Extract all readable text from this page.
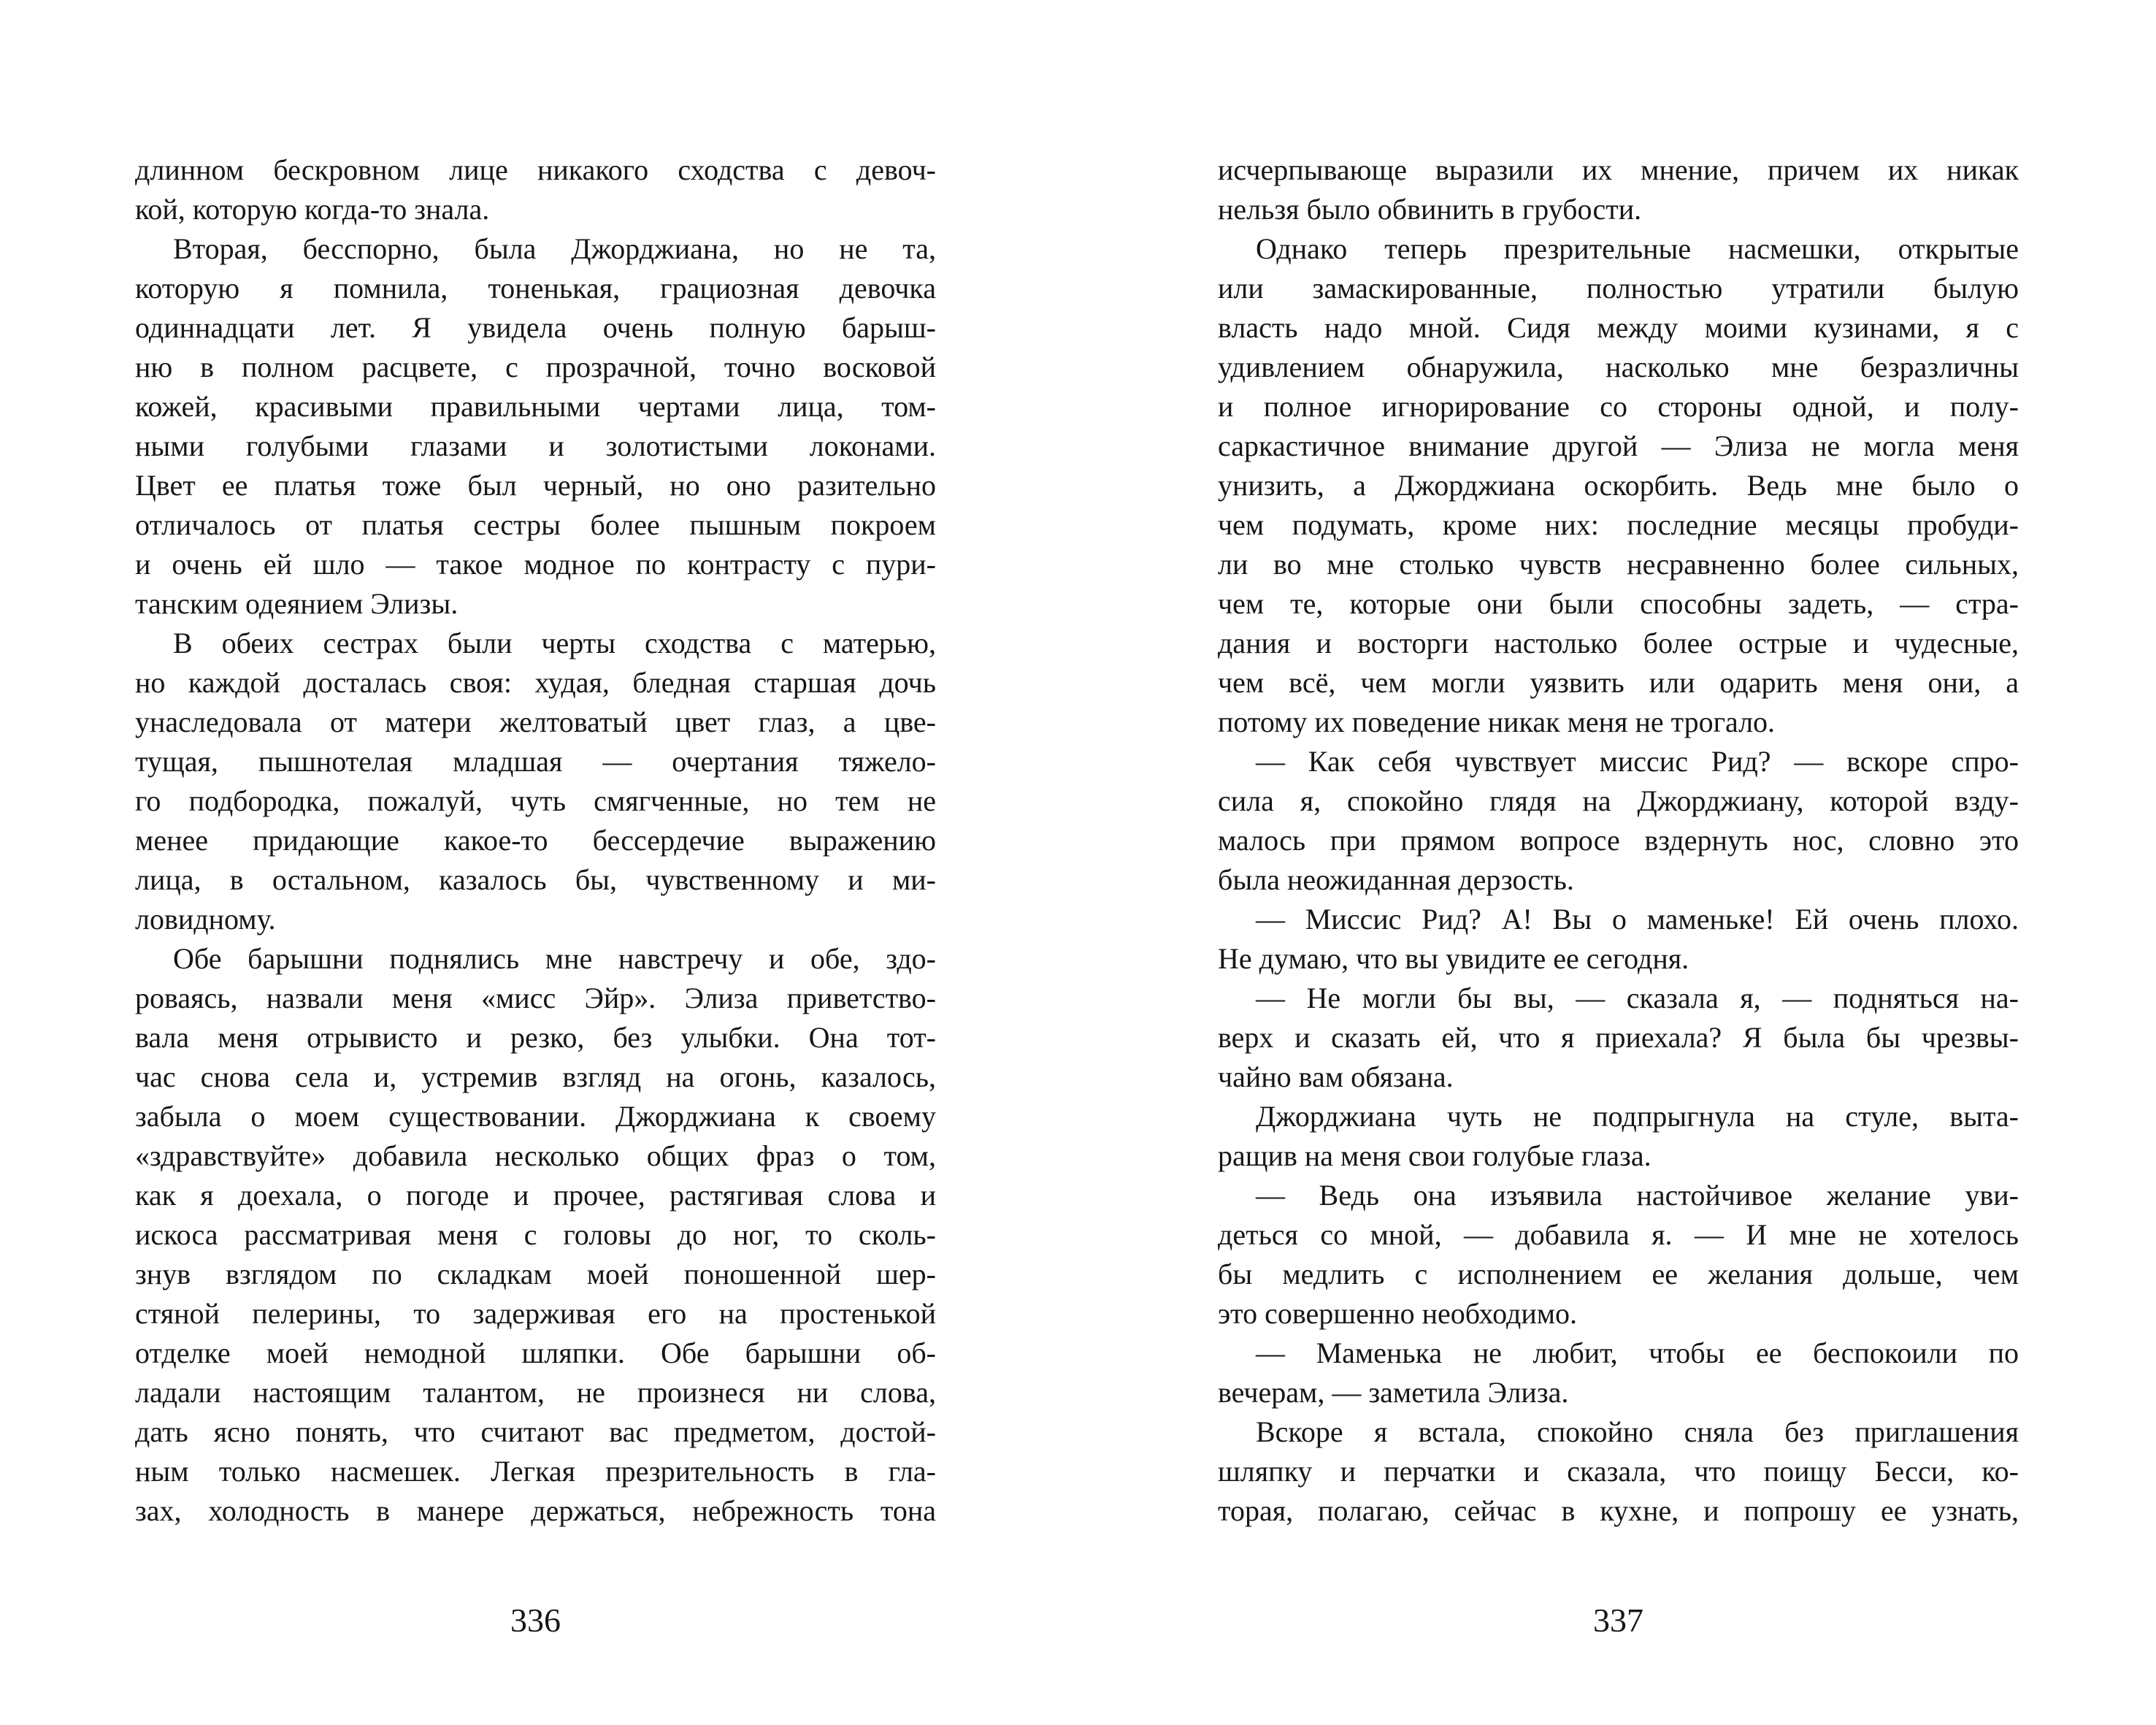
длинном бескровном лице никакого сходства с девоч-
кой, которую когда-то знала.
Вторая, бесспорно, была Джорджиана, но не та,
которую я помнила, тоненькая, грациозная девочка
одиннадцати лет. Я увидела очень полную барыш-
ню в полном расцвете, с прозрачной, точно восковой
кожей, красивыми правильными чертами лица, том-
ными голубыми глазами и золотистыми локонами.
Цвет ее платья тоже был черный, но оно разительно
отличалось от платья сестры более пышным покроем
и очень ей шло — такое модное по контрасту с пури-
танским одеянием Элизы.
В обеих сестрах были черты сходства с матерью,
но каждой досталась своя: худая, бледная старшая дочь
унаследовала от матери желтоватый цвет глаз, а цве-
тущая, пышнотелая младшая — очертания тяжело-
го подбородка, пожалуй, чуть смягченные, но тем не
менее придающие какое-то бессердечие выражению
лица, в остальном, казалось бы, чувственному и ми-
ловидному.
Обе барышни поднялись мне навстречу и обе, здо-
роваясь, назвали меня «мисс Эйр». Элиза приветство-
вала меня отрывисто и резко, без улыбки. Она тот-
час снова села и, устремив взгляд на огонь, казалось,
забыла о моем существовании. Джорджиана к своему
«здравствуйте» добавила несколько общих фраз о том,
как я доехала, о погоде и прочее, растягивая слова и
искоса рассматривая меня с головы до ног, то сколь-
знув взглядом по складкам моей поношенной шер-
стяной пелерины, то задерживая его на простенькой
отделке моей немодной шляпки. Обе барышни об-
ладали настоящим талантом, не произнеся ни слова,
дать ясно понять, что считают вас предметом, достой-
ным только насмешек. Легкая презрительность в гла-
зах, холодность в манере держаться, небрежность тона
336
исчерпывающе выразили их мнение, причем их никак
нельзя было обвинить в грубости.
Однако теперь презрительные насмешки, открытые
или замаскированные, полностью утратили былую
власть надо мной. Сидя между моими кузинами, я с
удивлением обнаружила, насколько мне безразличны
и полное игнорирование со стороны одной, и полу-
саркастичное внимание другой — Элиза не могла меня
унизить, а Джорджиана оскорбить. Ведь мне было о
чем подумать, кроме них: последние месяцы пробуди-
ли во мне столько чувств несравненно более сильных,
чем те, которые они были способны задеть, — стра-
дания и восторги настолько более острые и чудесные,
чем всё, чем могли уязвить или одарить меня они, а
потому их поведение никак меня не трогало.
— Как себя чувствует миссис Рид? — вскоре спро-
сила я, спокойно глядя на Джорджиану, которой взду-
малось при прямом вопросе вздернуть нос, словно это
была неожиданная дерзость.
— Миссис Рид? А! Вы о маменьке! Ей очень плохо.
Не думаю, что вы увидите ее сегодня.
— Не могли бы вы, — сказала я, — подняться на-
верх и сказать ей, что я приехала? Я была бы чрезвы-
чайно вам обязана.
Джорджиана чуть не подпрыгнула на стуле, выта-
ращив на меня свои голубые глаза.
— Ведь она изъявила настойчивое желание уви-
деться со мной, — добавила я. — И мне не хотелось
бы медлить с исполнением ее желания дольше, чем
это совершенно необходимо.
— Маменька не любит, чтобы ее беспокоили по
вечерам, — заметила Элиза.
Вскоре я встала, спокойно сняла без приглашения
шляпку и перчатки и сказала, что поищу Бесси, ко-
торая, полагаю, сейчас в кухне, и попрошу ее узнать,
337
